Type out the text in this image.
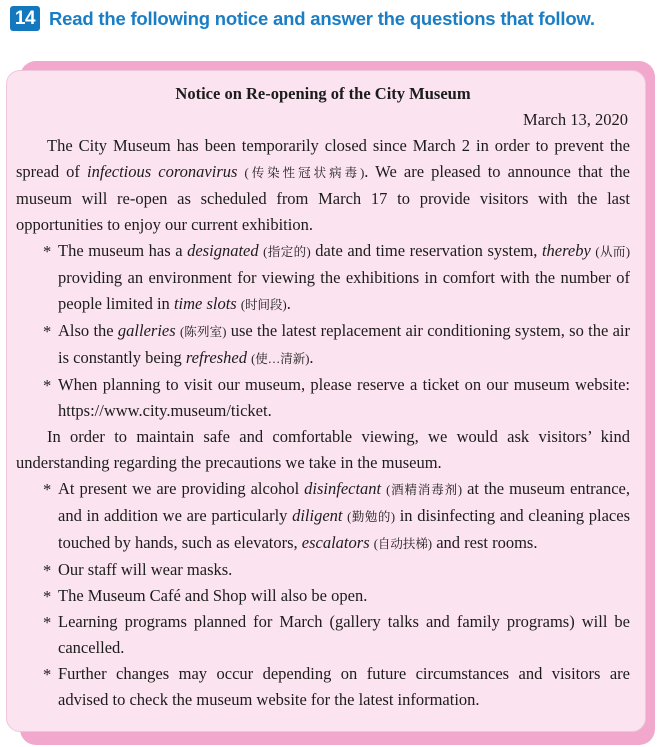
14 Read the following notice and answer the questions that follow.
Notice on Re-opening of the City Museum
March 13, 2020

The City Museum has been temporarily closed since March 2 in order to prevent the spread of infectious coronavirus (传染性冠状病毒). We are pleased to announce that the museum will re-open as scheduled from March 17 to provide visitors with the last opportunities to enjoy our current exhibition.

* The museum has a designated (指定的) date and time reservation system, thereby (从而) providing an environment for viewing the exhibitions in comfort with the number of people limited in time slots (时间段).
* Also the galleries (陈列室) use the latest replacement air conditioning system, so the air is constantly being refreshed (使…清新).
* When planning to visit our museum, please reserve a ticket on our museum website: https://www.city.museum/ticket.

In order to maintain safe and comfortable viewing, we would ask visitors’ kind understanding regarding the precautions we take in the museum.

* At present we are providing alcohol disinfectant (酒精消毒剂) at the museum entrance, and in addition we are particularly diligent (勤勉的) in disinfecting and cleaning places touched by hands, such as elevators, escalators (自动扶梯) and rest rooms.
* Our staff will wear masks.
* The Museum Café and Shop will also be open.
* Learning programs planned for March (gallery talks and family programs) will be cancelled.
* Further changes may occur depending on future circumstances and visitors are advised to check the museum website for the latest information.
